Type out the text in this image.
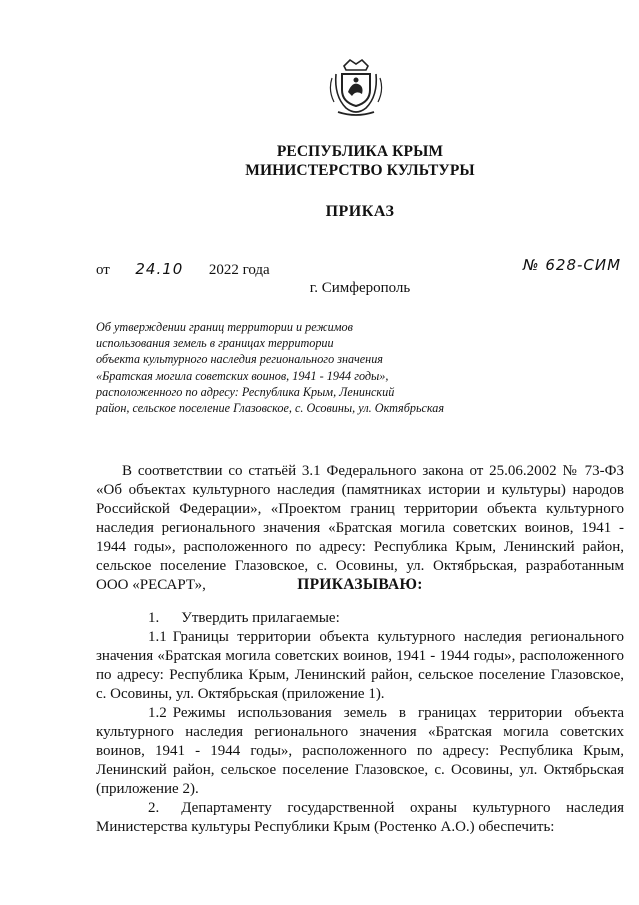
РЕСПУБЛИКА КРЫМ
МИНИСТЕРСТВО КУЛЬТУРЫ
ПРИКАЗ
от 24.10 2022 года	№ 628-СИМ
г. Симферополь
Об утверждении границ территории и режимов
использования земель в границах территории
объекта культурного наследия регионального значения
«Братская могила советских воинов, 1941 - 1944 годы»,
расположенного по адресу: Республика Крым, Ленинский
район, сельское поселение Глазовское, с. Осовины, ул. Октябрьская
В соответствии со статьёй 3.1 Федерального закона от 25.06.2002 № 73-ФЗ «Об объектах культурного наследия (памятниках истории и культуры) народов Российской Федерации», «Проектом границ территории объекта культурного наследия регионального значения «Братская могила советских воинов, 1941 - 1944 годы», расположенного по адресу: Республика Крым, Ленинский район, сельское поселение Глазовское, с. Осовины, ул. Октябрьская, разработанным ООО «РЕСАРТ»,	ПРИКАЗЫВАЮ:
1. Утвердить прилагаемые:
1.1 Границы территории объекта культурного наследия регионального значения «Братская могила советских воинов, 1941 - 1944 годы», расположенного по адресу: Республика Крым, Ленинский район, сельское поселение Глазовское, с. Осовины, ул. Октябрьская (приложение 1).
1.2 Режимы использования земель в границах территории объекта культурного наследия регионального значения «Братская могила советских воинов, 1941 - 1944 годы», расположенного по адресу: Республика Крым, Ленинский район, сельское поселение Глазовское, с. Осовины, ул. Октябрьская (приложение 2).
2. Департаменту государственной охраны культурного наследия Министерства культуры Республики Крым (Ростенко А.О.) обеспечить:
